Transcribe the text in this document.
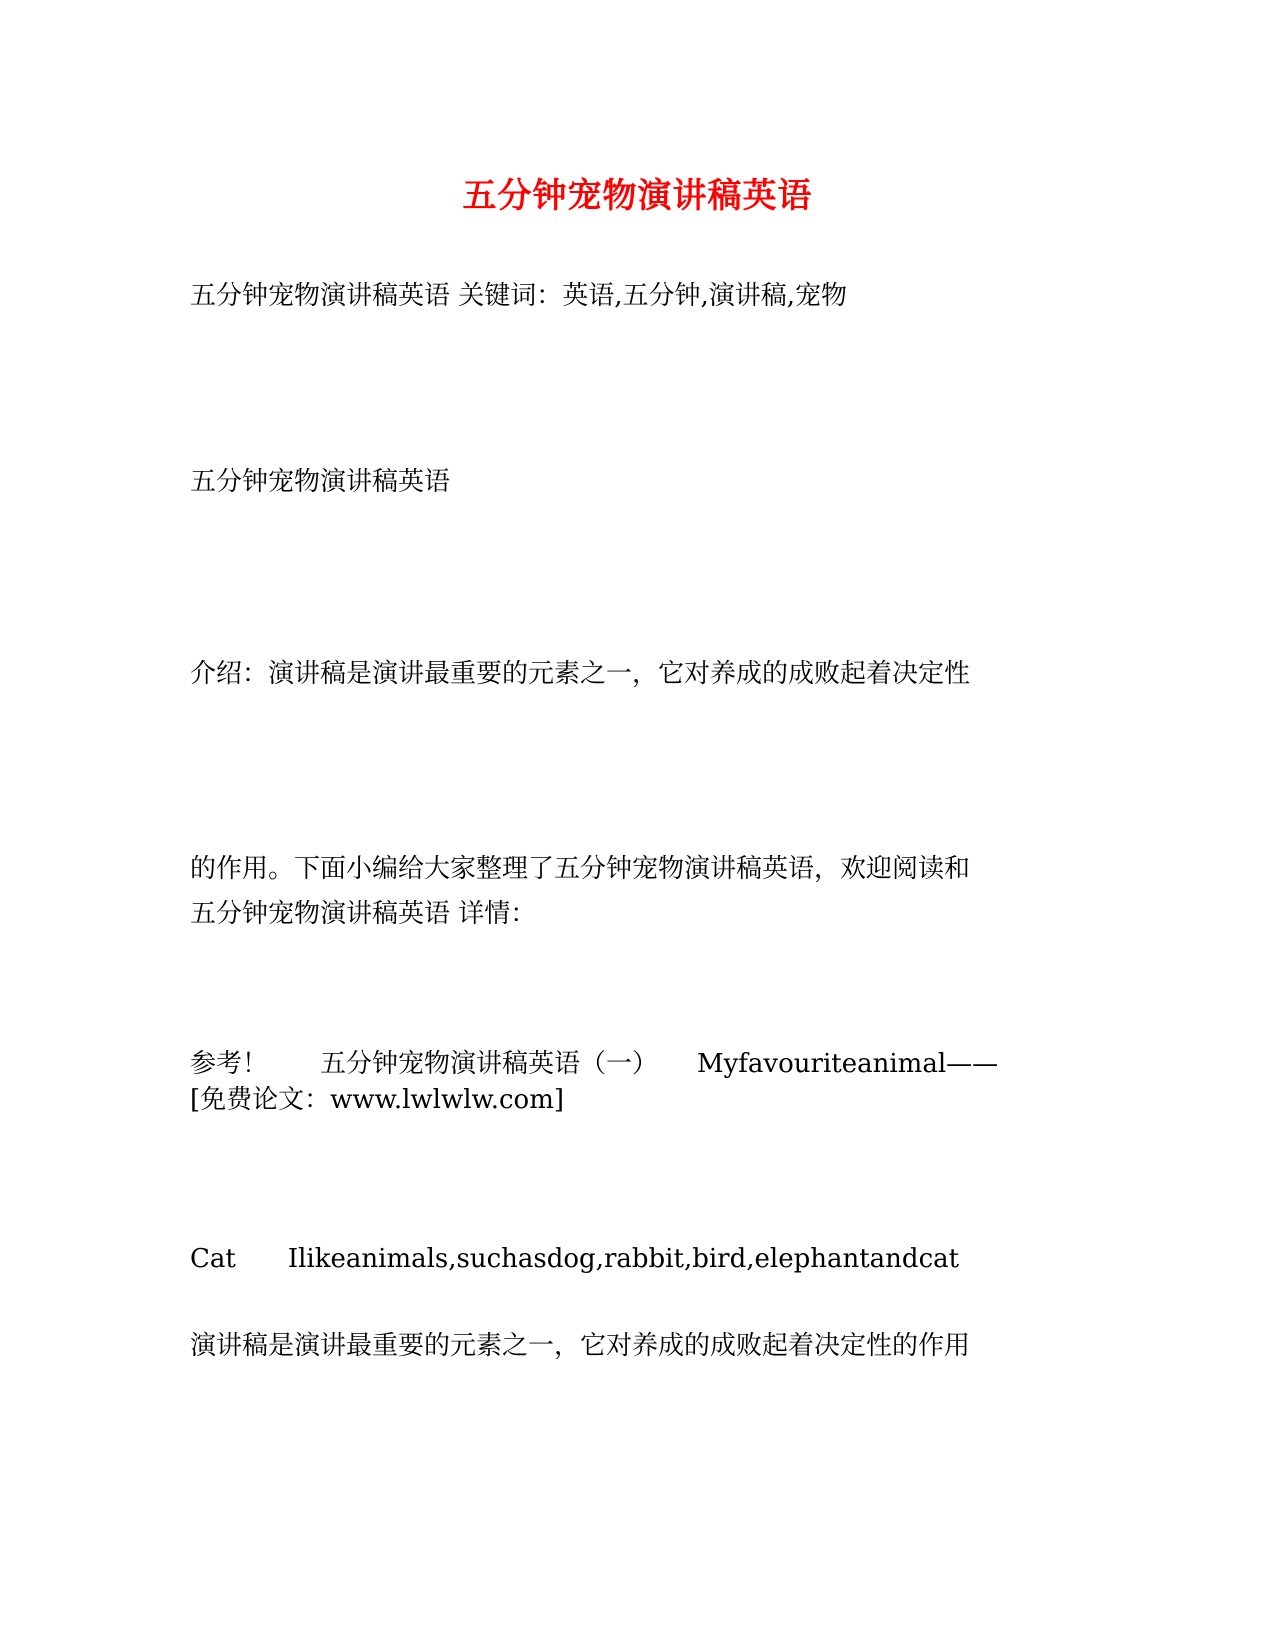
五分钟宠物演讲稿英语
五分钟宠物演讲稿英语 关键词：英语,五分钟,演讲稿,宠物
五分钟宠物演讲稿英语

介绍：演讲稿是演讲最重要的元素之一，它对养成的成败起着决定性

的作用。下面小编给大家整理了五分钟宠物演讲稿英语，欢迎阅读和

参考！　　五分钟宠物演讲稿英语（一）　　Myfavouriteanimal——

Cat　　Ilikeanimals,suchasdog,rabbit,bird,elephantandcat

五分钟宠物演讲稿英语 详情：
[免费论文：www.lwlwlw.com]
演讲稿是演讲最重要的元素之一，它对养成的成败起着决定性的作用
